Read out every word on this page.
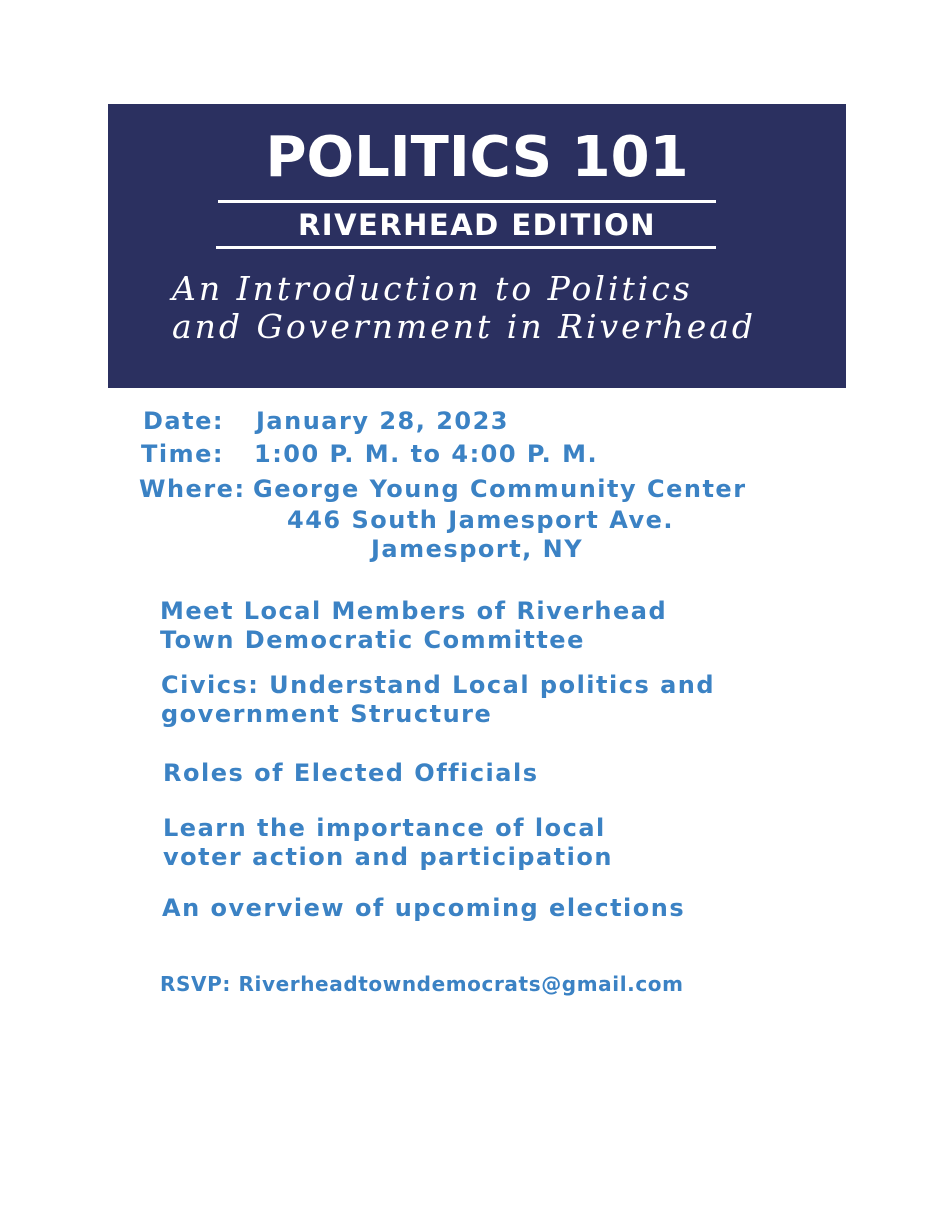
POLITICS 101
RIVERHEAD EDITION
An Introduction to Politics
and Government in Riverhead
Date: January 28, 2023
Time: 1:00 P. M. to 4:00 P. M.
Where: George Young Community Center
446 South Jamesport Ave.
Jamesport, NY
Meet Local Members of Riverhead
Town Democratic Committee
Civics: Understand Local politics and
government Structure
Roles of Elected Officials
Learn the importance of local
voter action and participation
An overview of upcoming elections
RSVP: Riverheadtowndemocrats@gmail.com
